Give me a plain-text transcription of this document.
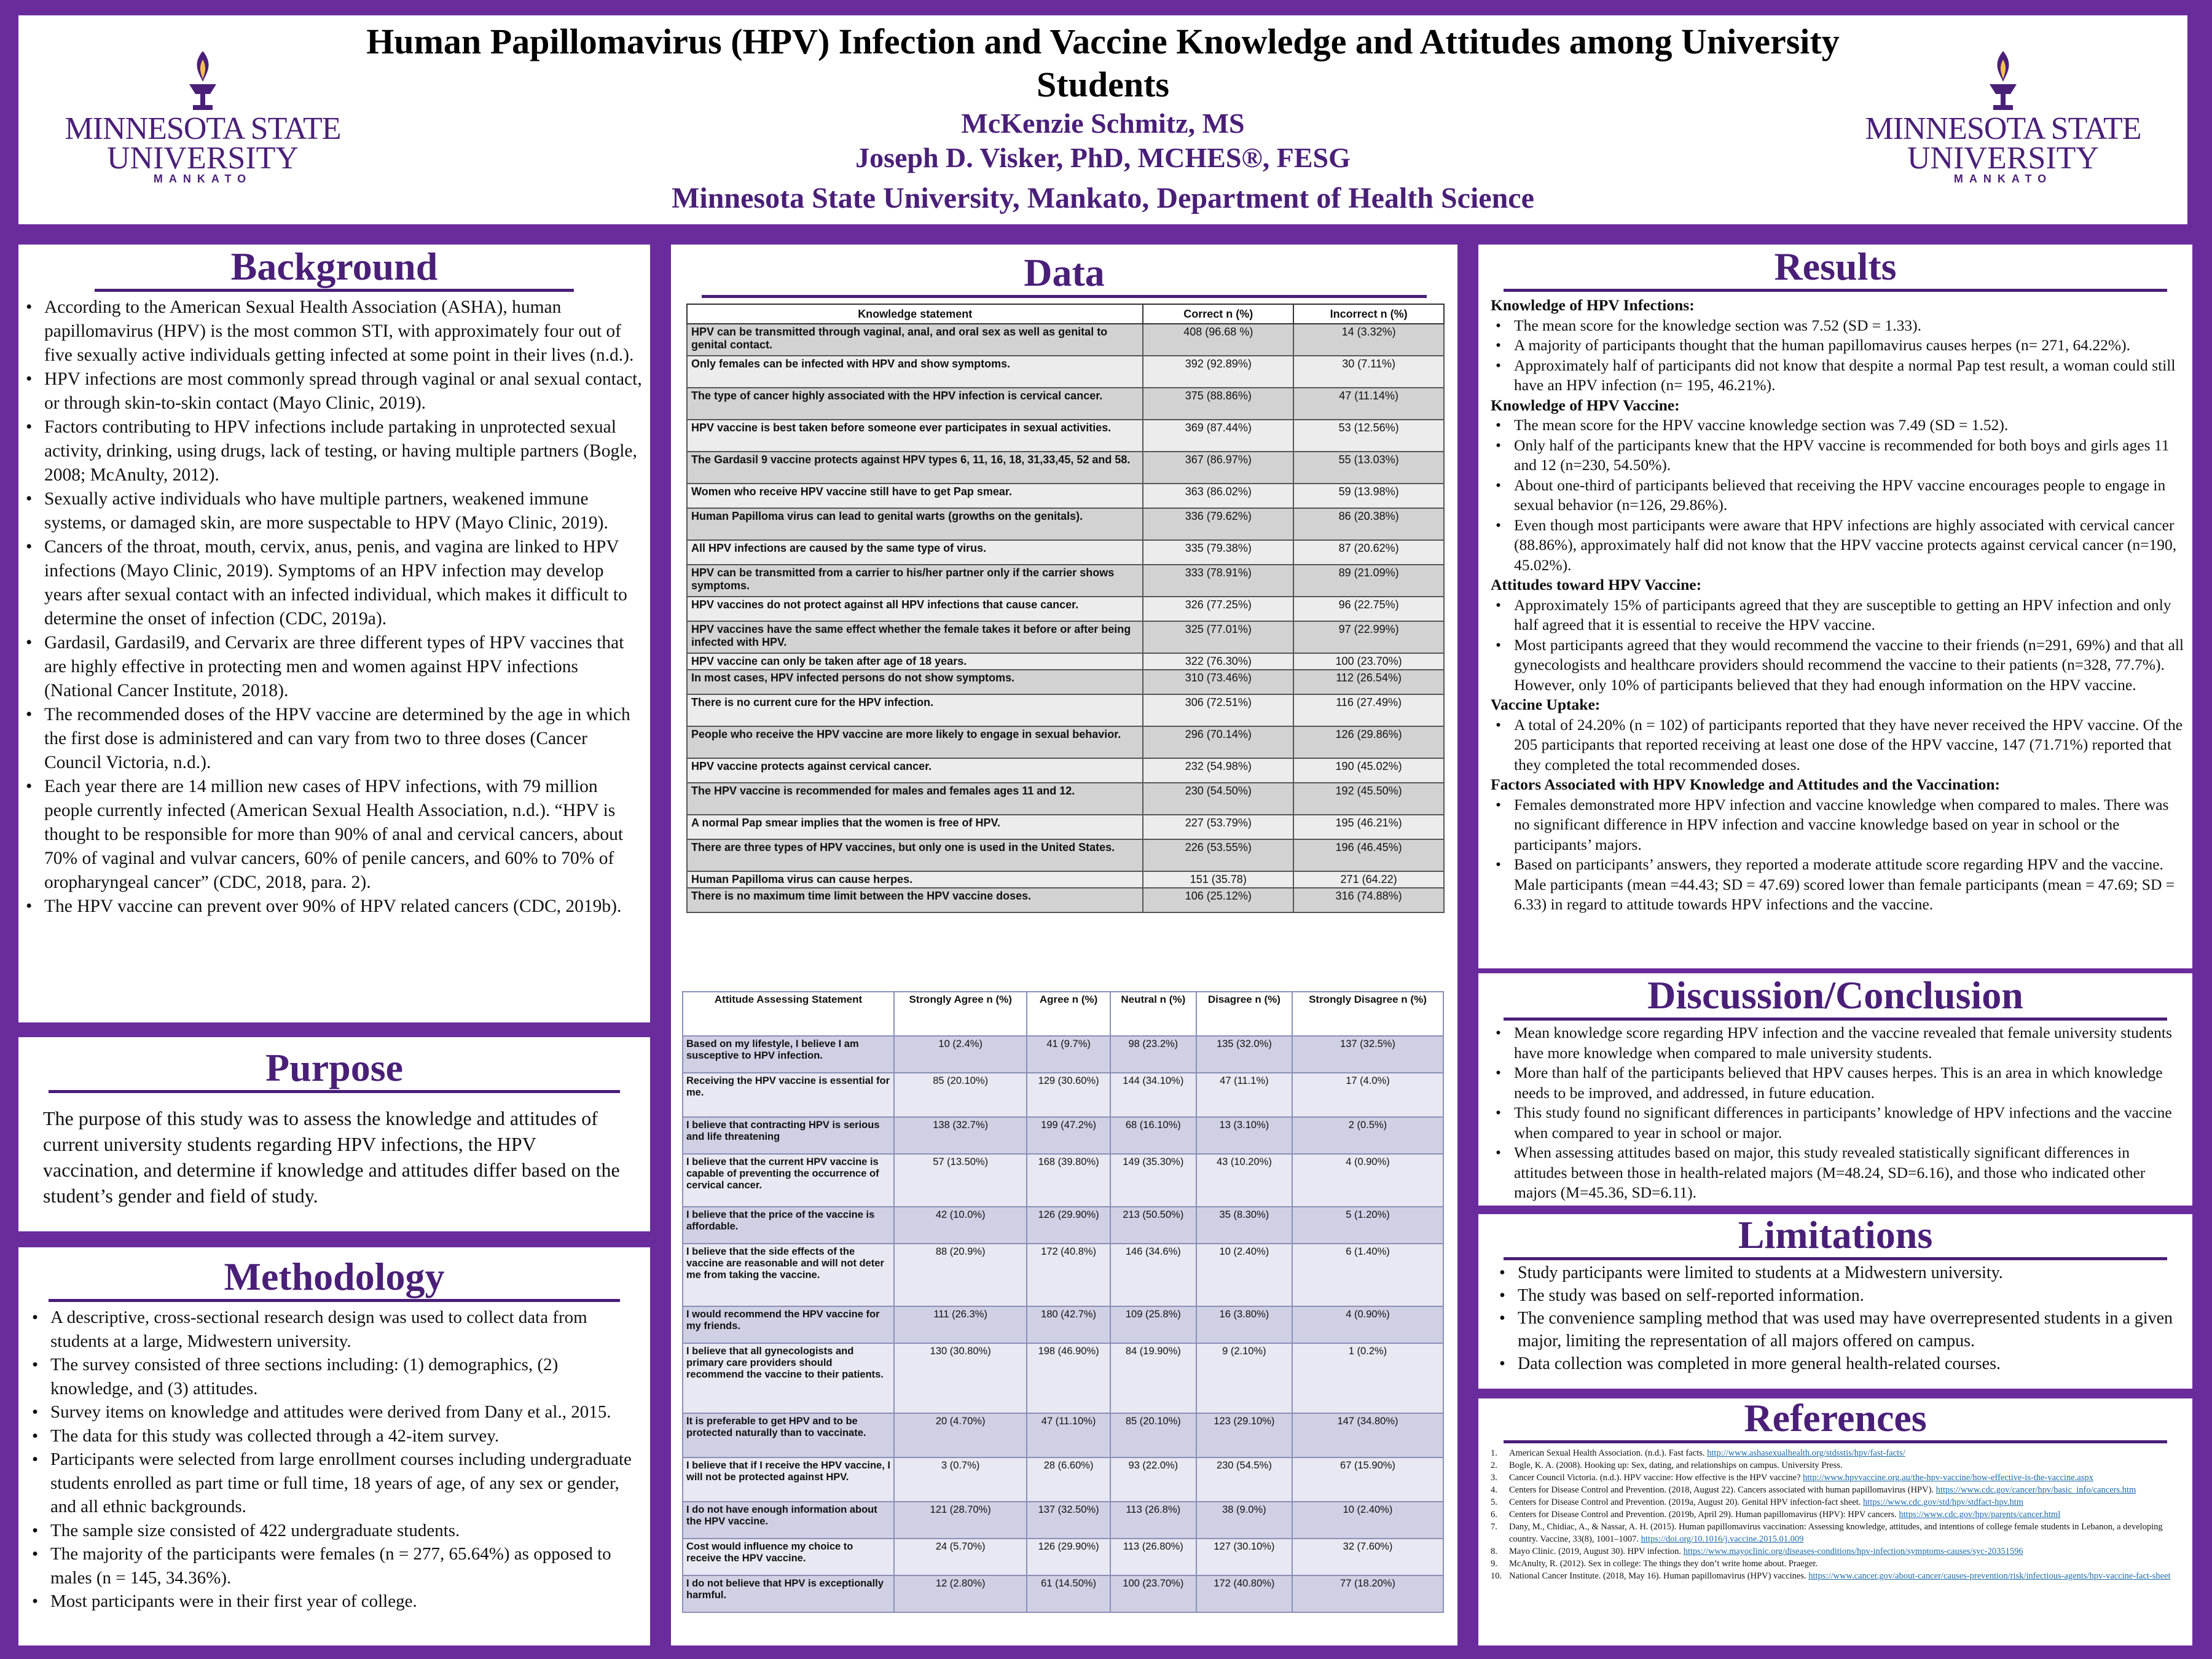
MINNESOTA STATE
UNIVERSITY
MANKATO
Human Papillomavirus (HPV) Infection and Vaccine Knowledge and Attitudes among University Students
McKenzie Schmitz, MS
Joseph D. Visker, PhD, MCHES®, FESG
Minnesota State University, Mankato, Department of Health Science
MINNESOTA STATE
UNIVERSITY
MANKATO
Background
• According to the American Sexual Health Association (ASHA), human papillomavirus (HPV) is the most common STI, with approximately four out of five sexually active individuals getting infected at some point in their lives (n.d.).
• HPV infections are most commonly spread through vaginal or anal sexual contact, or through skin-to-skin contact (Mayo Clinic, 2019).
• Factors contributing to HPV infections include partaking in unprotected sexual activity, drinking, using drugs, lack of testing, or having multiple partners (Bogle, 2008; McAnulty, 2012).
• Sexually active individuals who have multiple partners, weakened immune systems, or damaged skin, are more suspectable to HPV (Mayo Clinic, 2019).
• Cancers of the throat, mouth, cervix, anus, penis, and vagina are linked to HPV infections (Mayo Clinic, 2019). Symptoms of an HPV infection may develop years after sexual contact with an infected individual, which makes it difficult to determine the onset of infection (CDC, 2019a).
• Gardasil, Gardasil9, and Cervarix are three different types of HPV vaccines that are highly effective in protecting men and women against HPV infections (National Cancer Institute, 2018).
• The recommended doses of the HPV vaccine are determined by the age in which the first dose is administered and can vary from two to three doses (Cancer Council Victoria, n.d.).
• Each year there are 14 million new cases of HPV infections, with 79 million people currently infected (American Sexual Health Association, n.d.). “HPV is thought to be responsible for more than 90% of anal and cervical cancers, about 70% of vaginal and vulvar cancers, 60% of penile cancers, and 60% to 70% of oropharyngeal cancer” (CDC, 2018, para. 2).
• The HPV vaccine can prevent over 90% of HPV related cancers (CDC, 2019b).
Purpose
The purpose of this study was to assess the knowledge and attitudes of current university students regarding HPV infections, the HPV vaccination, and determine if knowledge and attitudes differ based on the student’s gender and field of study.
Methodology
• A descriptive, cross-sectional research design was used to collect data from students at a large, Midwestern university.
• The survey consisted of three sections including: (1) demographics, (2) knowledge, and (3) attitudes.
• Survey items on knowledge and attitudes were derived from Dany et al., 2015.
• The data for this study was collected through a 42-item survey.
• Participants were selected from large enrollment courses including undergraduate students enrolled as part time or full time, 18 years of age, of any sex or gender, and all ethnic backgrounds.
• The sample size consisted of 422 undergraduate students.
• The majority of the participants were females (n = 277, 65.64%) as opposed to males (n = 145, 34.36%).
• Most participants were in their first year of college.
Data
Knowledge statement	Correct n (%)	Incorrect n (%)
HPV can be transmitted through vaginal, anal, and oral sex as well as genital to genital contact.	408 (96.68 %)	14 (3.32%)
Only females can be infected with HPV and show symptoms.	392 (92.89%)	30 (7.11%)
The type of cancer highly associated with the HPV infection is cervical cancer.	375 (88.86%)	47 (11.14%)
HPV vaccine is best taken before someone ever participates in sexual activities.	369 (87.44%)	53 (12.56%)
The Gardasil 9 vaccine protects against HPV types 6, 11, 16, 18, 31,33,45, 52 and 58.	367 (86.97%)	55 (13.03%)
Women who receive HPV vaccine still have to get Pap smear.	363 (86.02%)	59 (13.98%)
Human Papilloma virus can lead to genital warts (growths on the genitals).	336 (79.62%)	86 (20.38%)
All HPV infections are caused by the same type of virus.	335 (79.38%)	87 (20.62%)
HPV can be transmitted from a carrier to his/her partner only if the carrier shows symptoms.	333 (78.91%)	89 (21.09%)
HPV vaccines do not protect against all HPV infections that cause cancer.	326 (77.25%)	96 (22.75%)
HPV vaccines have the same effect whether the female takes it before or after being infected with HPV.	325 (77.01%)	97 (22.99%)
HPV vaccine can only be taken after age of 18 years.	322 (76.30%)	100 (23.70%)
In most cases, HPV infected persons do not show symptoms.	310 (73.46%)	112 (26.54%)
There is no current cure for the HPV infection.	306 (72.51%)	116 (27.49%)
People who receive the HPV vaccine are more likely to engage in sexual behavior.	296 (70.14%)	126 (29.86%)
HPV vaccine protects against cervical cancer.	232 (54.98%)	190 (45.02%)
The HPV vaccine is recommended for males and females ages 11 and 12.	230 (54.50%)	192 (45.50%)
A normal Pap smear implies that the women is free of HPV.	227 (53.79%)	195 (46.21%)
There are three types of HPV vaccines, but only one is used in the United States.	226 (53.55%)	196 (46.45%)
Human Papilloma virus can cause herpes.	151 (35.78)	271 (64.22)
There is no maximum time limit between the HPV vaccine doses.	106 (25.12%)	316 (74.88%)
Attitude Assessing Statement	Strongly Agree n (%)	Agree n (%)	Neutral n (%)	Disagree n (%)	Strongly Disagree n (%)
Based on my lifestyle, I believe I am susceptive to HPV infection.	10 (2.4%)	41 (9.7%)	98 (23.2%)	135 (32.0%)	137 (32.5%)
Receiving the HPV vaccine is essential for me.	85 (20.10%)	129 (30.60%)	144 (34.10%)	47 (11.1%)	17 (4.0%)
I believe that contracting HPV is serious and life threatening	138 (32.7%)	199 (47.2%)	68 (16.10%)	13 (3.10%)	2 (0.5%)
I believe that the current HPV vaccine is capable of preventing the occurrence of cervical cancer.	57 (13.50%)	168 (39.80%)	149 (35.30%)	43 (10.20%)	4 (0.90%)
I believe that the price of the vaccine is affordable.	42 (10.0%)	126 (29.90%)	213 (50.50%)	35 (8.30%)	5 (1.20%)
I believe that the side effects of the vaccine are reasonable and will not deter me from taking the vaccine.	88 (20.9%)	172 (40.8%)	146 (34.6%)	10 (2.40%)	6 (1.40%)
I would recommend the HPV vaccine for my friends.	111 (26.3%)	180 (42.7%)	109 (25.8%)	16 (3.80%)	4 (0.90%)
I believe that all gynecologists and primary care providers should recommend the vaccine to their patients.	130 (30.80%)	198 (46.90%)	84 (19.90%)	9 (2.10%)	1 (0.2%)
It is preferable to get HPV and to be protected naturally than to vaccinate.	20 (4.70%)	47 (11.10%)	85 (20.10%)	123 (29.10%)	147 (34.80%)
I believe that if I receive the HPV vaccine, I will not be protected against HPV.	3 (0.7%)	28 (6.60%)	93 (22.0%)	230 (54.5%)	67 (15.90%)
I do not have enough information about the HPV vaccine.	121 (28.70%)	137 (32.50%)	113 (26.8%)	38 (9.0%)	10 (2.40%)
Cost would influence my choice to receive the HPV vaccine.	24 (5.70%)	126 (29.90%)	113 (26.80%)	127 (30.10%)	32 (7.60%)
I do not believe that HPV is exceptionally harmful.	12 (2.80%)	61 (14.50%)	100 (23.70%)	172 (40.80%)	77 (18.20%)
Results
Knowledge of HPV Infections:
• The mean score for the knowledge section was 7.52 (SD = 1.33).
• A majority of participants thought that the human papillomavirus causes herpes (n= 271, 64.22%).
• Approximately half of participants did not know that despite a normal Pap test result, a woman could still have an HPV infection (n= 195, 46.21%).
Knowledge of HPV Vaccine:
• The mean score for the HPV vaccine knowledge section was 7.49 (SD = 1.52).
• Only half of the participants knew that the HPV vaccine is recommended for both boys and girls ages 11 and 12 (n=230, 54.50%).
• About one-third of participants believed that receiving the HPV vaccine encourages people to engage in sexual behavior (n=126, 29.86%).
• Even though most participants were aware that HPV infections are highly associated with cervical cancer (88.86%), approximately half did not know that the HPV vaccine protects against cervical cancer (n=190, 45.02%).
Attitudes toward HPV Vaccine:
• Approximately 15% of participants agreed that they are susceptible to getting an HPV infection and only half agreed that it is essential to receive the HPV vaccine.
• Most participants agreed that they would recommend the vaccine to their friends (n=291, 69%) and that all gynecologists and healthcare providers should recommend the vaccine to their patients (n=328, 77.7%). However, only 10% of participants believed that they had enough information on the HPV vaccine.
Vaccine Uptake:
• A total of 24.20% (n = 102) of participants reported that they have never received the HPV vaccine. Of the 205 participants that reported receiving at least one dose of the HPV vaccine, 147 (71.71%) reported that they completed the total recommended doses.
Factors Associated with HPV Knowledge and Attitudes and the Vaccination:
• Females demonstrated more HPV infection and vaccine knowledge when compared to males. There was no significant difference in HPV infection and vaccine knowledge based on year in school or the participants’ majors.
• Based on participants’ answers, they reported a moderate attitude score regarding HPV and the vaccine. Male participants (mean =44.43; SD = 47.69) scored lower than female participants (mean = 47.69; SD = 6.33) in regard to attitude towards HPV infections and the vaccine.
Discussion/Conclusion
• Mean knowledge score regarding HPV infection and the vaccine revealed that female university students have more knowledge when compared to male university students.
• More than half of the participants believed that HPV causes herpes. This is an area in which knowledge needs to be improved, and addressed, in future education.
• This study found no significant differences in participants’ knowledge of HPV infections and the vaccine when compared to year in school or major.
• When assessing attitudes based on major, this study revealed statistically significant differences in attitudes between those in health-related majors (M=48.24, SD=6.16), and those who indicated other majors (M=45.36, SD=6.11).
Limitations
• Study participants were limited to students at a Midwestern university.
• The study was based on self-reported information.
• The convenience sampling method that was used may have overrepresented students in a given major, limiting the representation of all majors offered on campus.
• Data collection was completed in more general health-related courses.
References
1. American Sexual Health Association. (n.d.). Fast facts. http://www.ashasexualhealth.org/stdsstis/hpv/fast-facts/
2. Bogle, K. A. (2008). Hooking up: Sex, dating, and relationships on campus. University Press.
3. Cancer Council Victoria. (n.d.). HPV vaccine: How effective is the HPV vaccine? http://www.hpvvaccine.org.au/the-hpv-vaccine/how-effective-is-the-vaccine.aspx
4. Centers for Disease Control and Prevention. (2018, August 22). Cancers associated with human papillomavirus (HPV). https://www.cdc.gov/cancer/hpv/basic_info/cancers.htm
5. Centers for Disease Control and Prevention. (2019a, August 20). Genital HPV infection-fact sheet. https://www.cdc.gov/std/hpv/stdfact-hpv.htm
6. Centers for Disease Control and Prevention. (2019b, April 29). Human papillomavirus (HPV): HPV cancers. https://www.cdc.gov/hpv/parents/cancer.html
7. Dany, M., Chidiac, A., & Nassar, A. H. (2015). Human papillomavirus vaccination: Assessing knowledge, attitudes, and intentions of college female students in Lebanon, a developing country. Vaccine, 33(8), 1001–1007. https://doi.org/10.1016/j.vaccine.2015.01.009
8. Mayo Clinic. (2019, August 30). HPV infection. https://www.mayoclinic.org/diseases-conditions/hpv-infection/symptoms-causes/syc-20351596
9. McAnulty, R. (2012). Sex in college: The things they don’t write home about. Praeger.
10. National Cancer Institute. (2018, May 16). Human papillomavirus (HPV) vaccines. https://www.cancer.gov/about-cancer/causes-prevention/risk/infectious-agents/hpv-vaccine-fact-sheet
